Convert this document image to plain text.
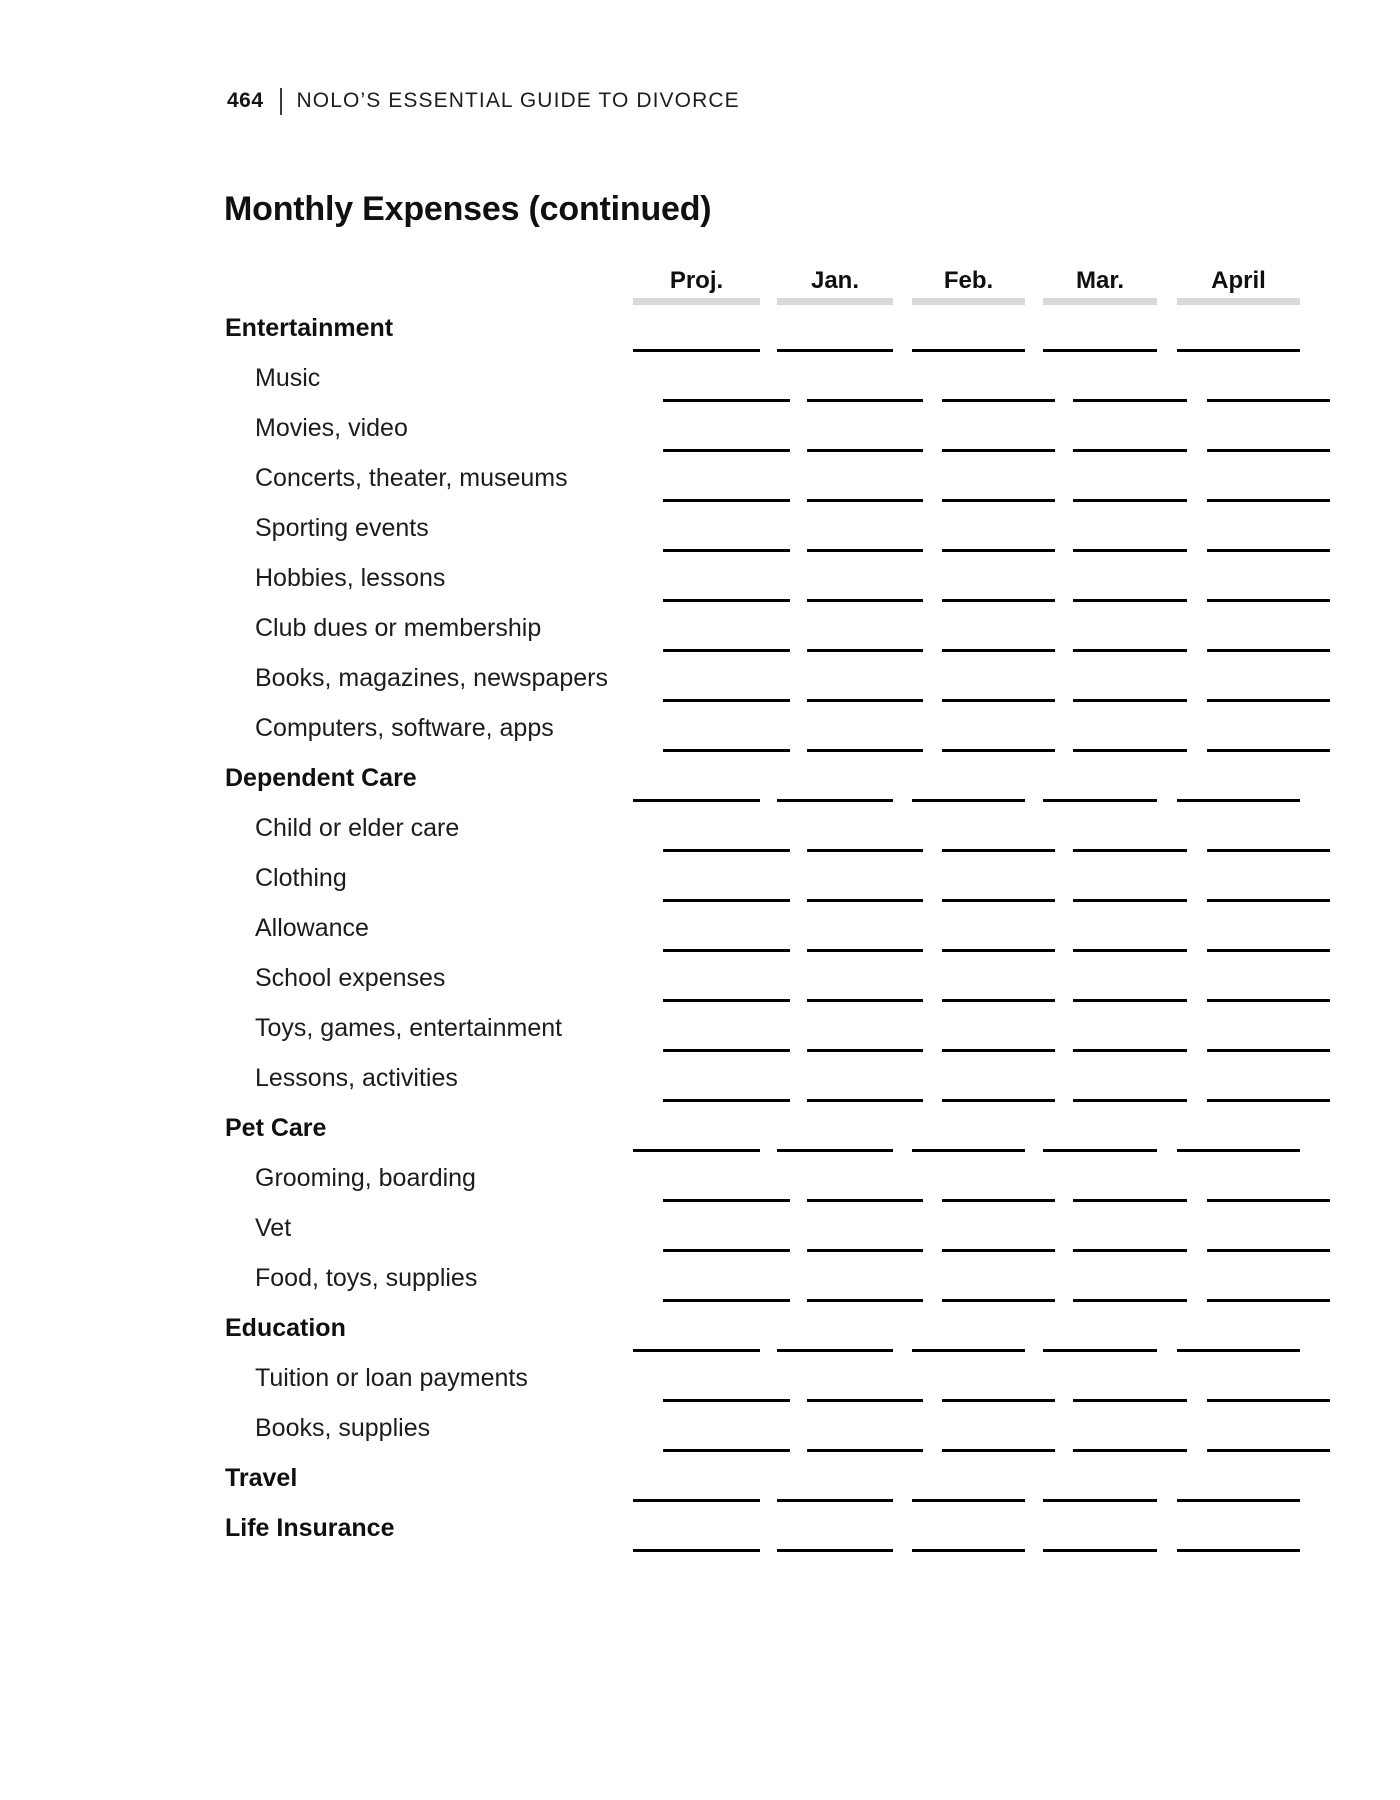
464 NOLO’S ESSENTIAL GUIDE TO DIVORCE
Monthly Expenses (continued)
Proj.	Jan.	Feb.	Mar.	April
Entertainment
Music
Movies, video
Concerts, theater, museums
Sporting events
Hobbies, lessons
Club dues or membership
Books, magazines, newspapers
Computers, software, apps
Dependent Care
Child or elder care
Clothing
Allowance
School expenses
Toys, games, entertainment
Lessons, activities
Pet Care
Grooming, boarding
Vet
Food, toys, supplies
Education
Tuition or loan payments
Books, supplies
Travel
Life Insurance
